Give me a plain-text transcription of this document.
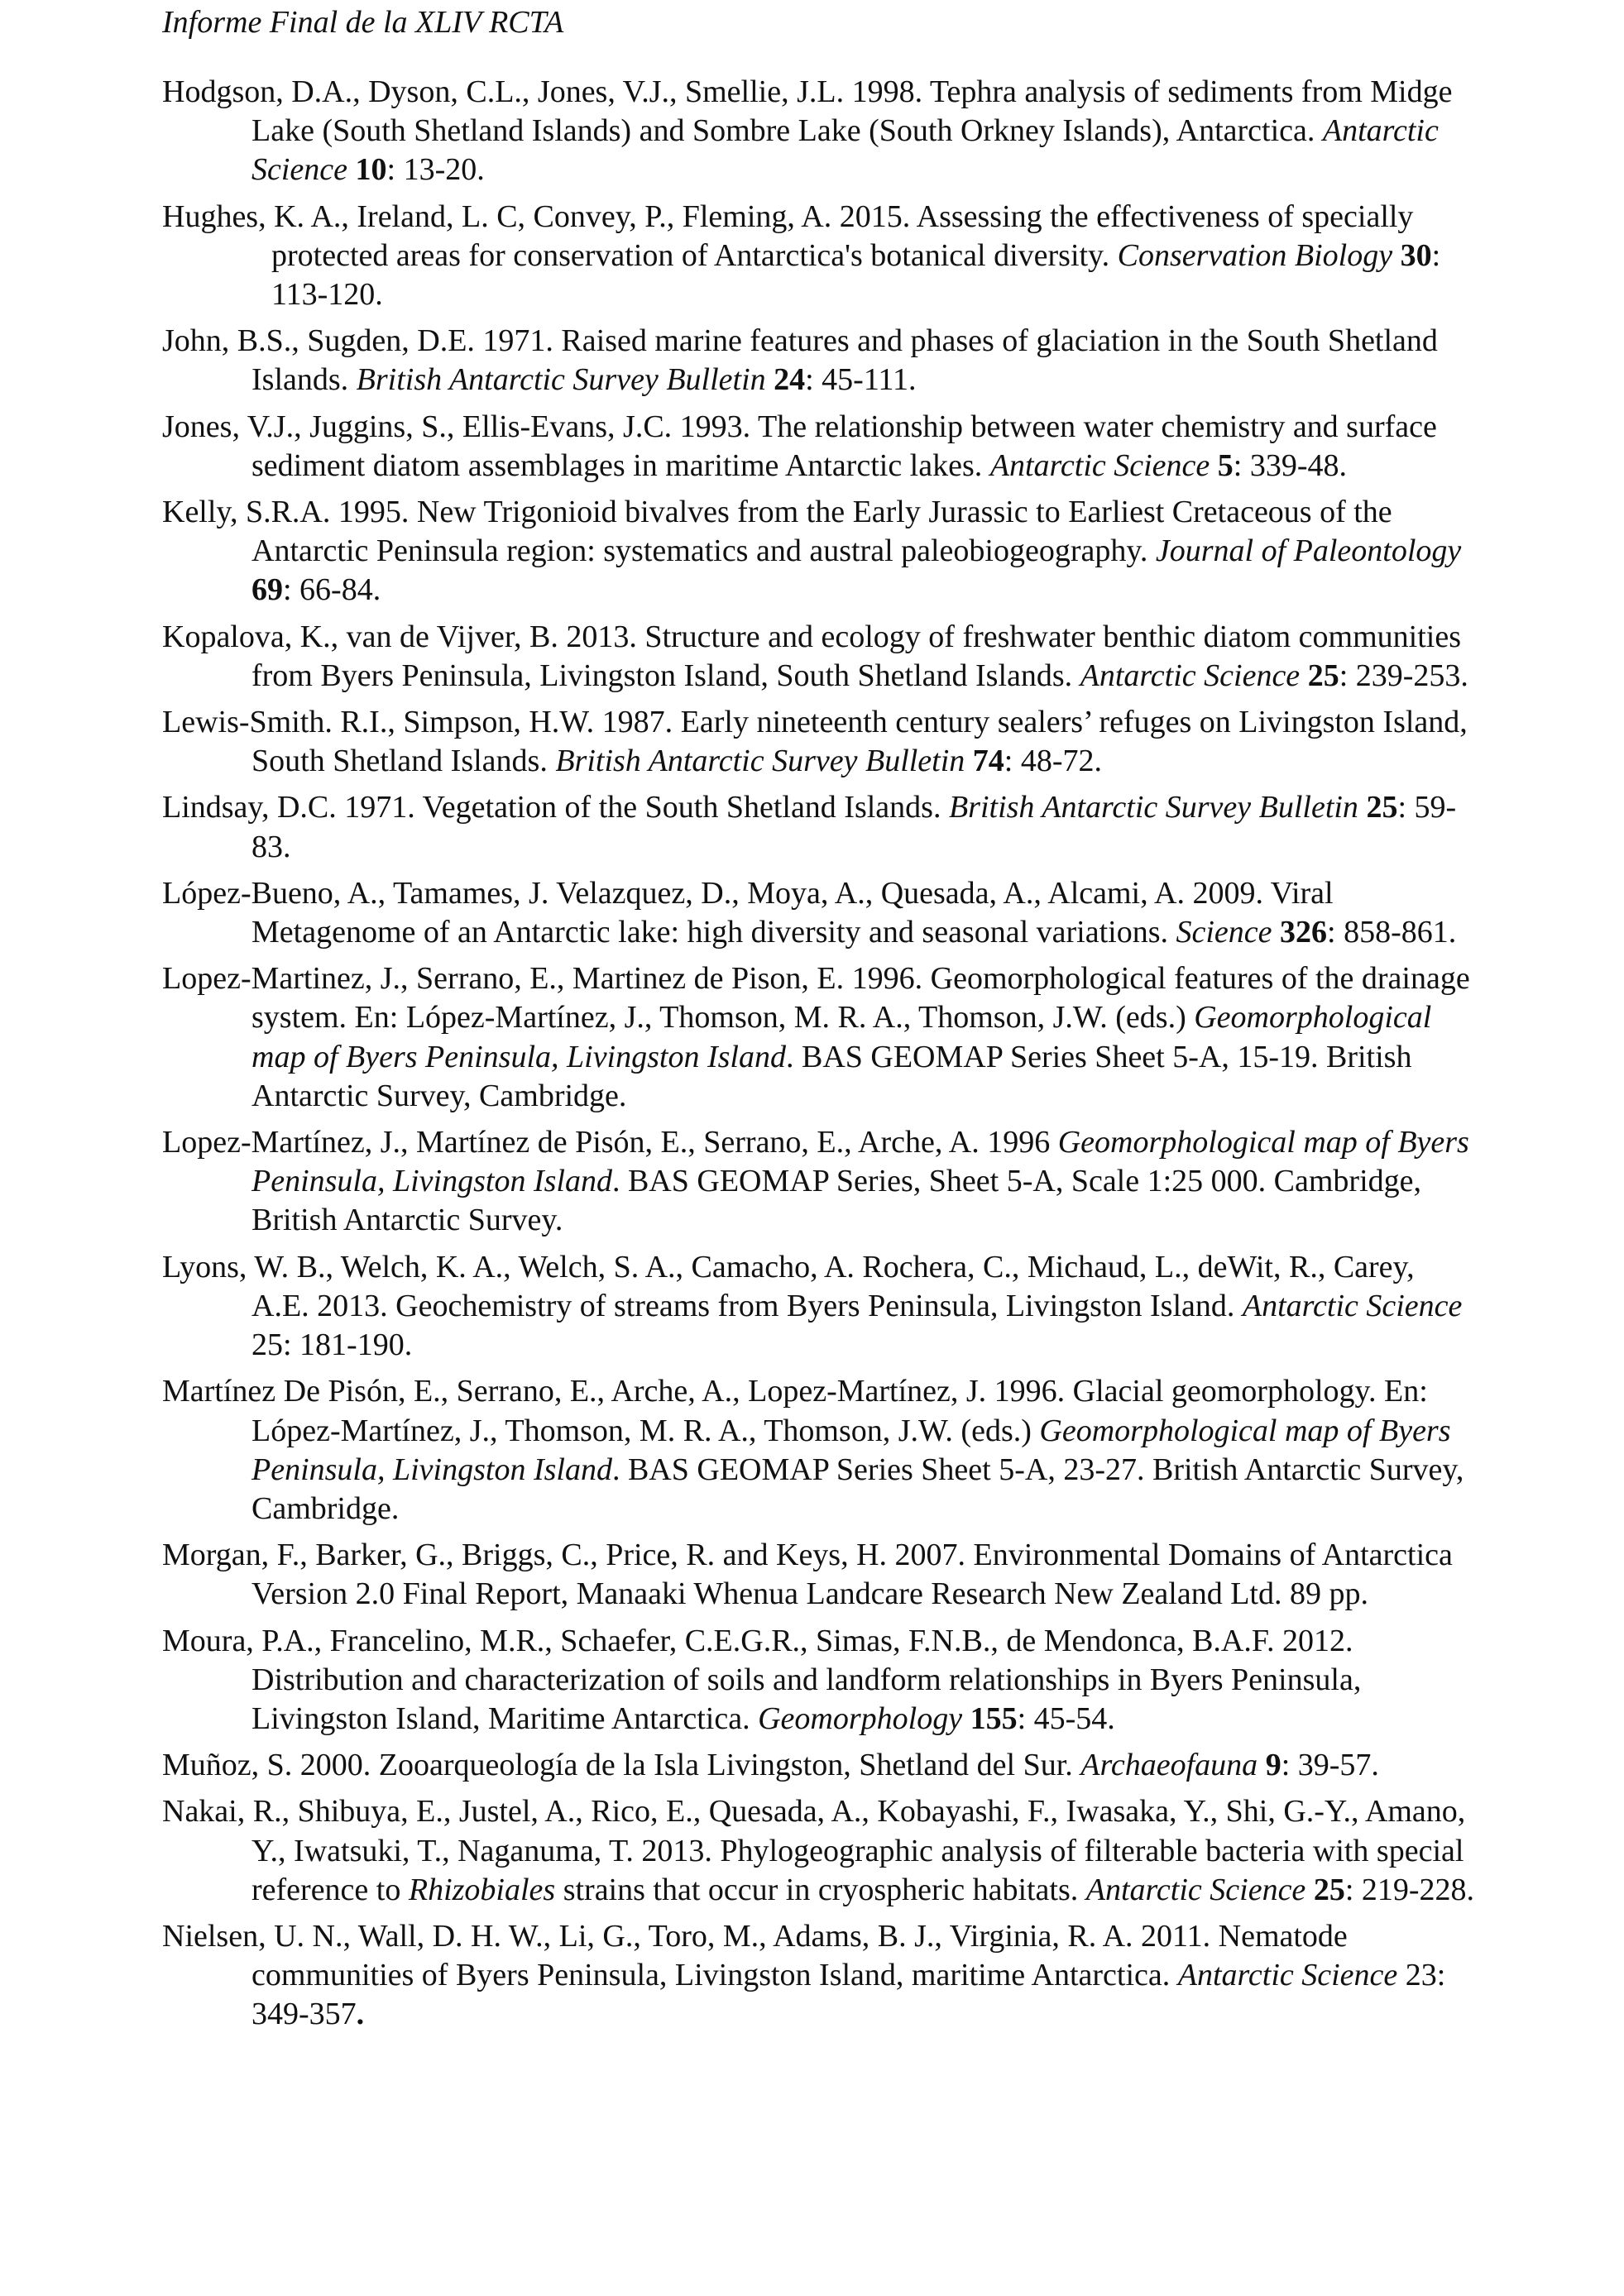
Informe Final de la XLIV RCTA

Hodgson, D.A., Dyson, C.L., Jones, V.J., Smellie, J.L. 1998. Tephra analysis of sediments from Midge Lake (South Shetland Islands) and Sombre Lake (South Orkney Islands), Antarctica. Antarctic Science 10: 13-20.

Hughes, K. A., Ireland, L. C, Convey, P., Fleming, A. 2015. Assessing the effectiveness of specially protected areas for conservation of Antarctica's botanical diversity. Conservation Biology 30: 113-120.

John, B.S., Sugden, D.E. 1971. Raised marine features and phases of glaciation in the South Shetland Islands. British Antarctic Survey Bulletin 24: 45-111.

Jones, V.J., Juggins, S., Ellis-Evans, J.C. 1993. The relationship between water chemistry and surface sediment diatom assemblages in maritime Antarctic lakes. Antarctic Science 5: 339-48.

Kelly, S.R.A. 1995. New Trigonioid bivalves from the Early Jurassic to Earliest Cretaceous of the Antarctic Peninsula region: systematics and austral paleobiogeography. Journal of Paleontology 69: 66-84.

Kopalova, K., van de Vijver, B. 2013. Structure and ecology of freshwater benthic diatom communities from Byers Peninsula, Livingston Island, South Shetland Islands. Antarctic Science 25: 239-253.

Lewis-Smith. R.I., Simpson, H.W. 1987. Early nineteenth century sealers’ refuges on Livingston Island, South Shetland Islands. British Antarctic Survey Bulletin 74: 48-72.

Lindsay, D.C. 1971. Vegetation of the South Shetland Islands. British Antarctic Survey Bulletin 25: 59-83.

López-Bueno, A., Tamames, J. Velazquez, D., Moya, A., Quesada, A., Alcami, A. 2009. Viral Metagenome of an Antarctic lake: high diversity and seasonal variations. Science 326: 858-861.

Lopez-Martinez, J., Serrano, E., Martinez de Pison, E. 1996. Geomorphological features of the drainage system. En: López-Martínez, J., Thomson, M. R. A., Thomson, J.W. (eds.) Geomorphological map of Byers Peninsula, Livingston Island. BAS GEOMAP Series Sheet 5-A, 15-19. British Antarctic Survey, Cambridge.

Lopez-Martínez, J., Martínez de Pisón, E., Serrano, E., Arche, A. 1996 Geomorphological map of Byers Peninsula, Livingston Island. BAS GEOMAP Series, Sheet 5-A, Scale 1:25 000. Cambridge, British Antarctic Survey.

Lyons, W. B., Welch, K. A., Welch, S. A., Camacho, A. Rochera, C., Michaud, L., deWit, R., Carey, A.E. 2013. Geochemistry of streams from Byers Peninsula, Livingston Island. Antarctic Science 25: 181-190.

Martínez De Pisón, E., Serrano, E., Arche, A., Lopez-Martínez, J. 1996. Glacial geomorphology. En: López-Martínez, J., Thomson, M. R. A., Thomson, J.W. (eds.) Geomorphological map of Byers Peninsula, Livingston Island. BAS GEOMAP Series Sheet 5-A, 23-27. British Antarctic Survey, Cambridge.

Morgan, F., Barker, G., Briggs, C., Price, R. and Keys, H. 2007. Environmental Domains of Antarctica Version 2.0 Final Report, Manaaki Whenua Landcare Research New Zealand Ltd. 89 pp.

Moura, P.A., Francelino, M.R., Schaefer, C.E.G.R., Simas, F.N.B., de Mendonca, B.A.F. 2012. Distribution and characterization of soils and landform relationships in Byers Peninsula, Livingston Island, Maritime Antarctica. Geomorphology 155: 45-54.

Muñoz, S. 2000. Zooarqueología de la Isla Livingston, Shetland del Sur. Archaeofauna 9: 39-57.

Nakai, R., Shibuya, E., Justel, A., Rico, E., Quesada, A., Kobayashi, F., Iwasaka, Y., Shi, G.-Y., Amano, Y., Iwatsuki, T., Naganuma, T. 2013. Phylogeographic analysis of filterable bacteria with special reference to Rhizobiales strains that occur in cryospheric habitats. Antarctic Science 25: 219-228.

Nielsen, U. N., Wall, D. H. W., Li, G., Toro, M., Adams, B. J., Virginia, R. A. 2011. Nematode communities of Byers Peninsula, Livingston Island, maritime Antarctica. Antarctic Science 23: 349-357.
